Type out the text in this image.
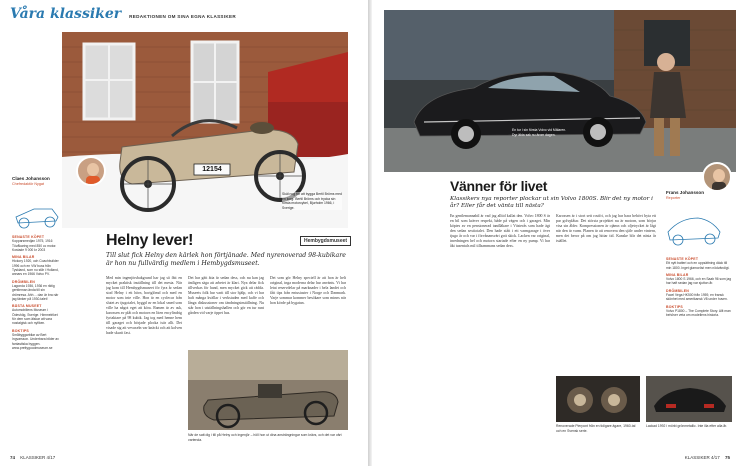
Våra klassiker REDAKTIONEN OM SINA EGNA KLASSIKER
12154
Skäl nog för att bygga Bertil Bröms med en korg. Bertil Bröms och trycka sin första motorcykel, Bjurholm 1966, i Sverige.
Claes Johansson
Chefredaktör Nygat
SENASTE KÖPET
Kopparsmedjan 1975, 1916 Tövåkaring med 850 cc motor. Kostade 9 000 kr 2003
MINA BILAR
Hickory 1920, och Coachbuilder 1996 och en VW buss från Tyskland, som nu står i Holland, annars en 1966 Volvo PV.
DRÖMBILEN
Lagonda 1936, 1936 en riktig gentleman ända till sin drömresa. Ahh… dan är bra när jag tänker på 1930-talet!
BÄSTA MUSEET
Automobiliens Museum i Ödeshög, Sverige. Himmelriket för dem som älskar att vara nostalgisk och nyfiken.
BOKTIPS
Småbyggarbilar av Bert Ingvarsson. Underbara bilder av fantastiska byggen. www.prettygoodmuseum.se
Helny lever!	Hembygdsmuseet
Till slut fick Helny den kärlek hon förtjänade. Med nyrenoverad 98-kubikare är hon nu fullvärdig medlem i Hembygdsmuseet.
Med min ingenjörsbakgrund har jag så fått en mycket praktisk inställning till det mesta. När jag kom till Hembygdsmuseet för fyra år sedan stod Helny i ett hörn, bortglömd och med en motor som inte ville. Hon är en cyclecar från slutet av tjugotalet, byggd av en lokal smed som ville ha något eget att köra. Ramen är av ask, karossen av plåt och motorn en liten encylindrig fyrtaktare på 98 kubik. Jag tog med henne hem till garaget och började plocka isär allt. Det visade sig att vevaxeln var knäckt och att kolven hade skurit fast.
Det har gått åtta år sedan dess, och nu kan jag äntligen säga att arbetet är klart. Nya delar fick tillverkas för hand, men mycket gick att rädda. Museets folk har varit till stor hjälp, och vi har haft många kvällar i verkstaden med kaffe och långa diskussioner om tändningsinställning. Nu står hon i utställningshallen och gör en tur runt gården vid varje öppet hus.
Det som gör Helny speciell är att hon är helt original, inga moderna delar har använts. Vi har letat reservdelar på marknader i hela landet och fått tips från entusiaster i Norge och Danmark. Varje sommar kommer besökare som minns när hon körde på bygatan.
När de satt dig i till på Helny och ingenjör – höll hon ut dina ansträngningar som krävs, och det var värt vartenda.
74 KLASSIKER 4/17
En tur i sin första Volvo vid Mälaren. Dyr äkta sak nu ärom dagen.
Frans Johansson
Reporter
Vänner för livet
Klassikers nya reporter plockar ut sin Volvo 1800S. Blir det ny motor i år? Eller får det vänta till nästa?
En gentlemannabil är vad jag alltid kallat den. Volvo 1800 S är en bil som kräver respekt, både på vägen och i garaget. Min köptes av en pensionerad tandläkare i Västerås som hade ägt den sedan sextiotalet. Den hade stått i ett varmgarage i över tjugo år och var i förvånansvärt gott skick. Lacken var original, inredningen hel och motorn startade efter en ny pump. Vi har åkt tusentals mil tillsammans sedan dess.
Karossen är i stort sett rostfri, och jag har bara behövt byta ett par golvplåtar. Det största projektet nu är motorn, som börjar visa sin ålder. Kompressionen är ojämn och oljetrycket är lågt när den är varm. Planen är att renovera den själv under vintern, men det beror på om jag hittar tid. Kanske blir det nästa år istället.
SENASTE KÖPET
Ett nytt batteri och en uppsättning däck till min 1800. Inget glamoröst men nödvändigt.
MINA BILAR
Volvo 1800 S 1966, och en Saab 96 som jag har haft sedan jag var sjutton år.
DRÖMBILEN
Facel Vega HK500 från 1959, en fransk skönhet med amerikansk V8 under huven.
BOKTIPS
Volvo P1800 – The Complete Story. Allt man behöver veta om modellens historia.
Renoverade Pierpont från en tidigare ägare, 1960-tal och en Svensk serie.
Lackad 1992 i mörkt grönmetallic. Inte illa efter alla år.
KLASSIKER 4/17 75
